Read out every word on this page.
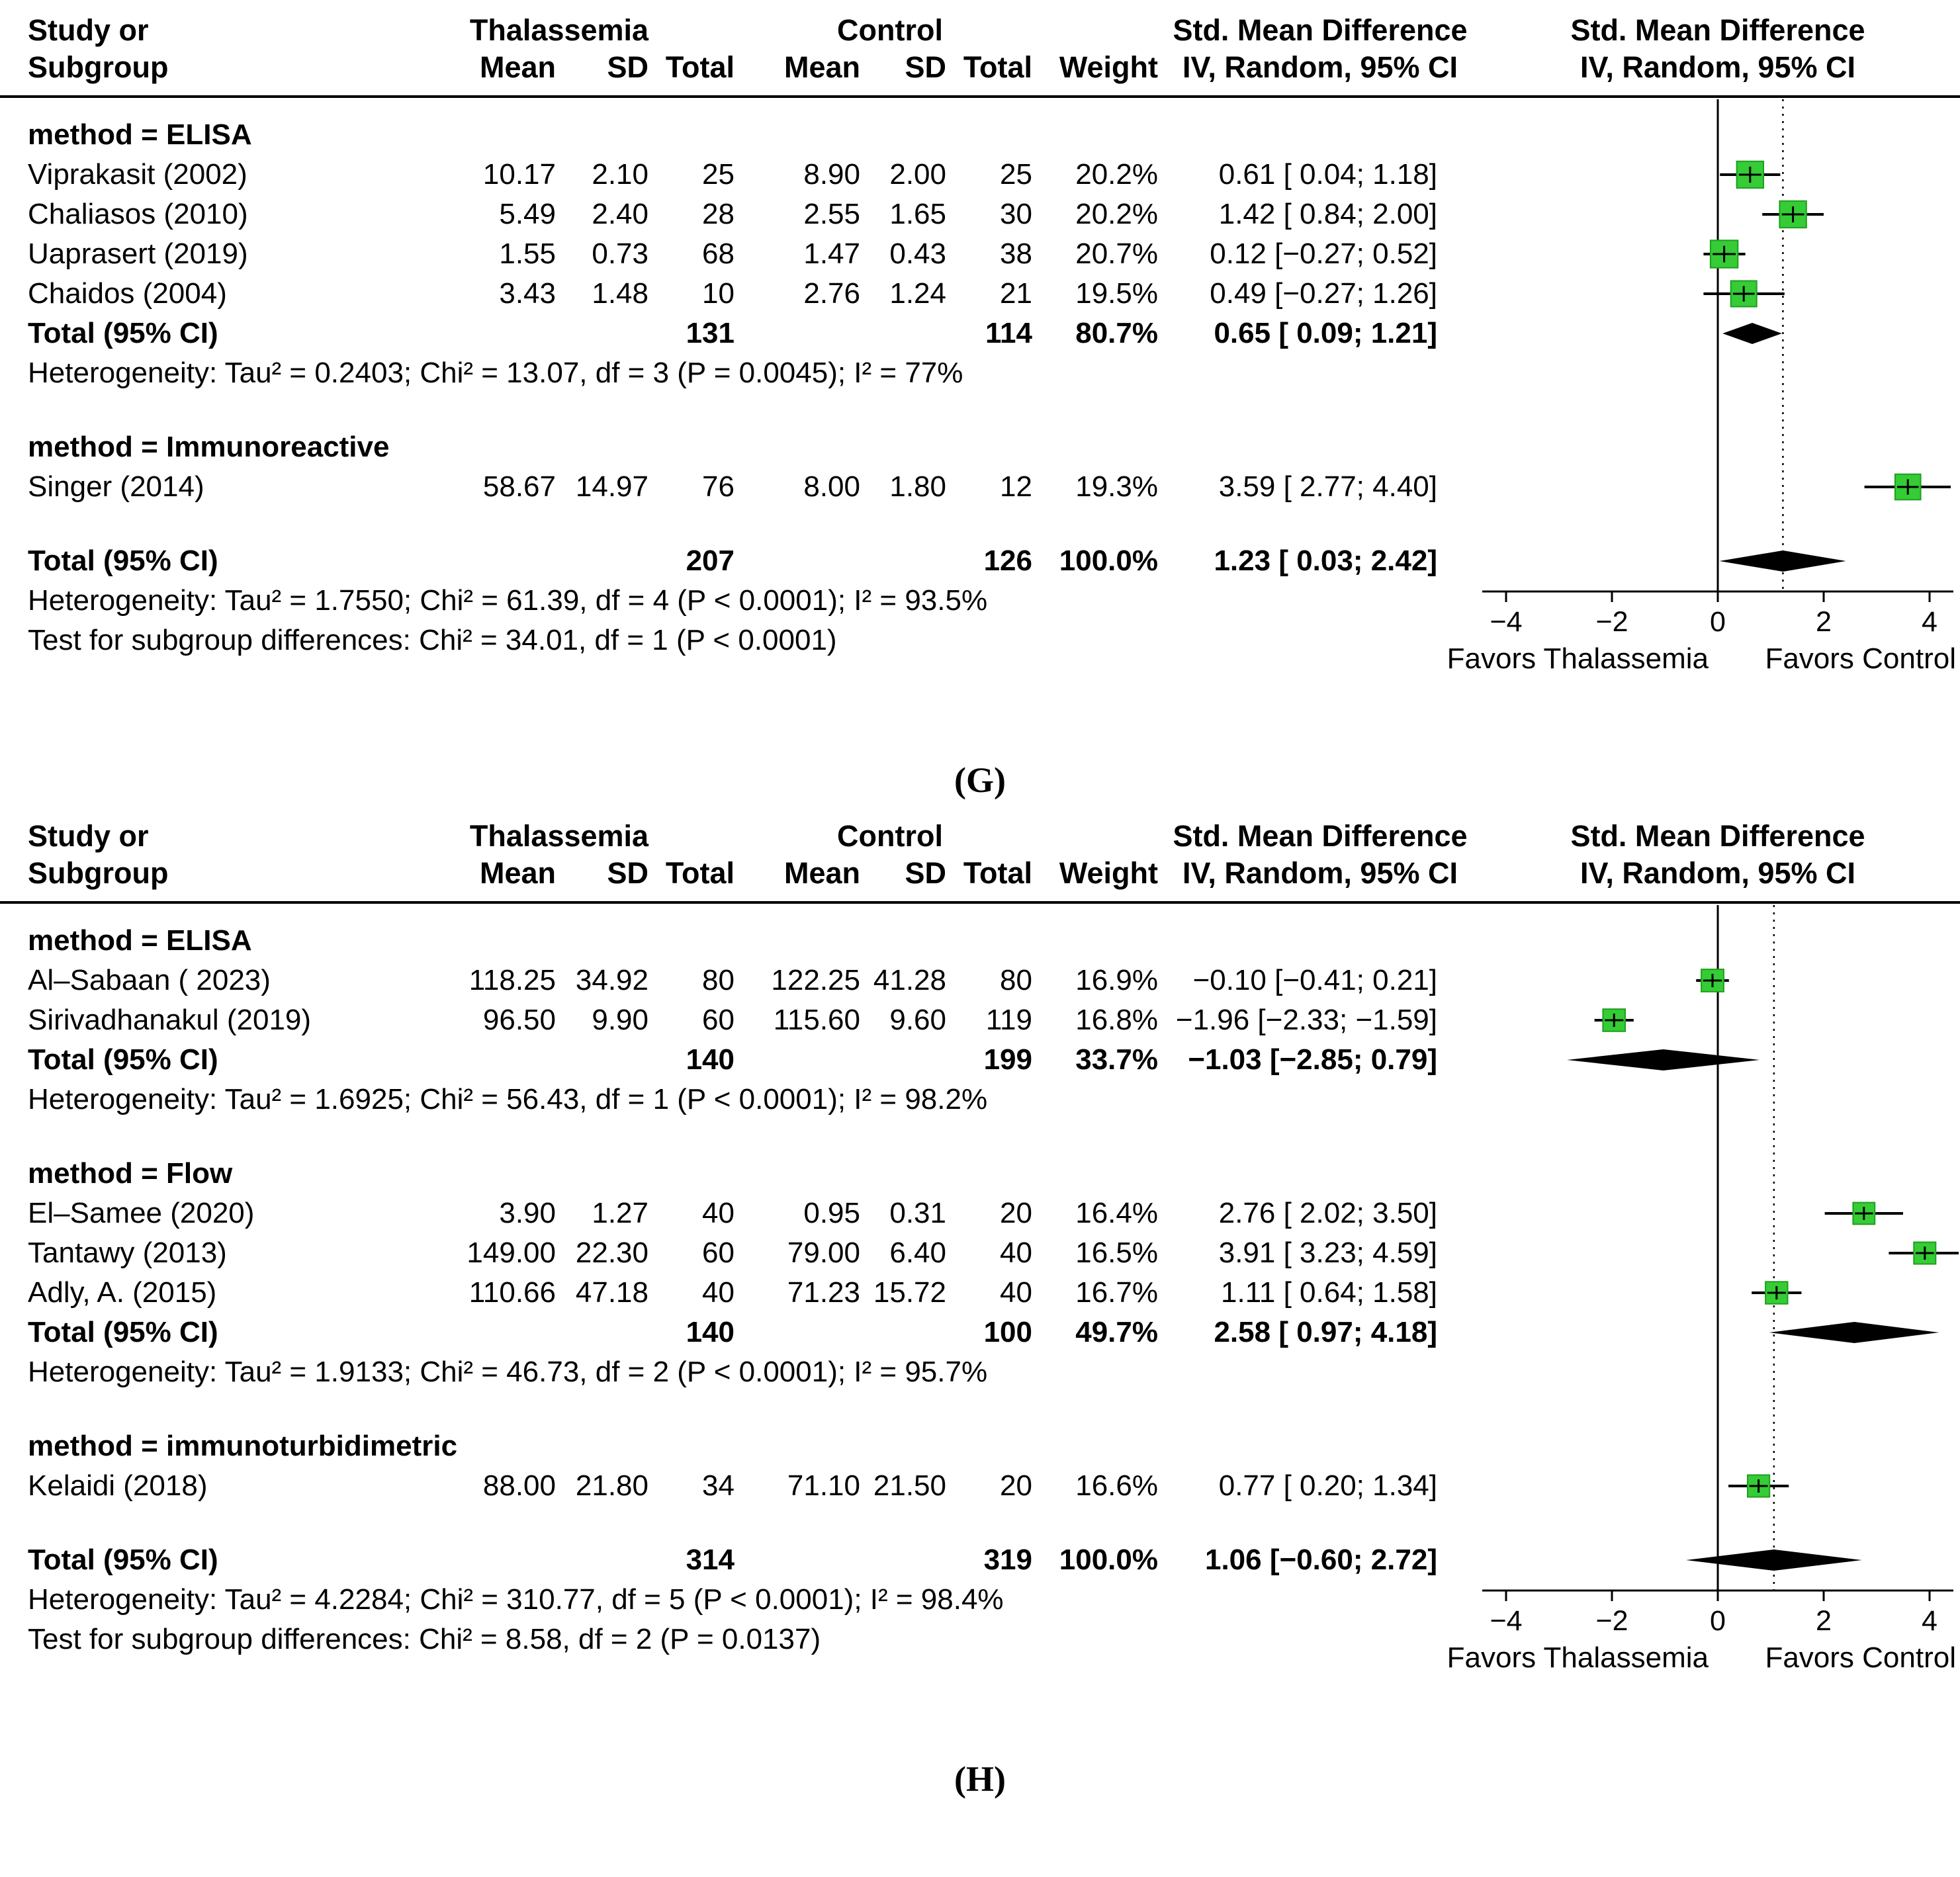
Study or	Thalassemia	Control	Std. Mean Difference	Std. Mean Difference
Subgroup	Mean	SD Total	Mean	SD Total Weight IV, Random, 95% CI	IV, Random, 95% CI
method = ELISA
Viprakasit (2002)	10.17	2.10	25	8.90	2.00	25	20.2%	0.61 [ 0.04; 1.18]
Chaliasos (2010)	5.49	2.40	28	2.55	1.65	30	20.2%	1.42 [ 0.84; 2.00]
Uaprasert (2019)	1.55	0.73	68	1.47	0.43	38	20.7%	0.12 [−0.27; 0.52]
Chaidos (2004)	3.43	1.48	10	2.76	1.24	21	19.5%	0.49 [−0.27; 1.26]
Total (95% CI)	131	114	80.7%	0.65 [ 0.09; 1.21]
Heterogeneity: Tau² = 0.2403; Chi² = 13.07, df = 3 (P = 0.0045); I² = 77%
method = Immunoreactive
Singer (2014)	58.67 14.97	76	8.00	1.80	12	19.3%	3.59 [ 2.77; 4.40]
Total (95% CI)	207	126 100.0%	1.23 [ 0.03; 2.42]
Heterogeneity: Tau² = 1.7550; Chi² = 61.39, df = 4 (P < 0.0001); I² = 93.5%
Test for subgroup differences: Chi² = 34.01, df = 1 (P < 0.0001)
−4	−2	0	2	4
Favors Thalassemia Favors Control
(G)
Study or	Thalassemia	Control	Std. Mean Difference	Std. Mean Difference
Subgroup	Mean	SD Total	Mean	SD Total Weight IV, Random, 95% CI	IV, Random, 95% CI
method = ELISA
Al–Sabaan ( 2023)	118.25 34.92	80	122.25 41.28	80	16.9%	−0.10 [−0.41; 0.21]
Sirivadhanakul (2019)	96.50	9.90	60	115.60	9.60	119	16.8% −1.96 [−2.33; −1.59]
Total (95% CI)	140	199	33.7%	−1.03 [−2.85; 0.79]
Heterogeneity: Tau² = 1.6925; Chi² = 56.43, df = 1 (P < 0.0001); I² = 98.2%
method = Flow
El–Samee (2020)	3.90	1.27	40	0.95	0.31	20	16.4%	2.76 [ 2.02; 3.50]
Tantawy (2013)	149.00 22.30	60	79.00	6.40	40	16.5%	3.91 [ 3.23; 4.59]
Adly, A. (2015)	110.66 47.18	40	71.23 15.72	40	16.7%	1.11 [ 0.64; 1.58]
Total (95% CI)	140	100	49.7%	2.58 [ 0.97; 4.18]
Heterogeneity: Tau² = 1.9133; Chi² = 46.73, df = 2 (P < 0.0001); I² = 95.7%
method = immunoturbidimetric
Kelaidi (2018)	88.00 21.80	34	71.10 21.50	20	16.6%	0.77 [ 0.20; 1.34]
Total (95% CI)	314	319 100.0%	1.06 [−0.60; 2.72]
Heterogeneity: Tau² = 4.2284; Chi² = 310.77, df = 5 (P < 0.0001); I² = 98.4%
Test for subgroup differences: Chi² = 8.58, df = 2 (P = 0.0137)
−4	−2	0	2	4
Favors Thalassemia Favors Control
(H)
